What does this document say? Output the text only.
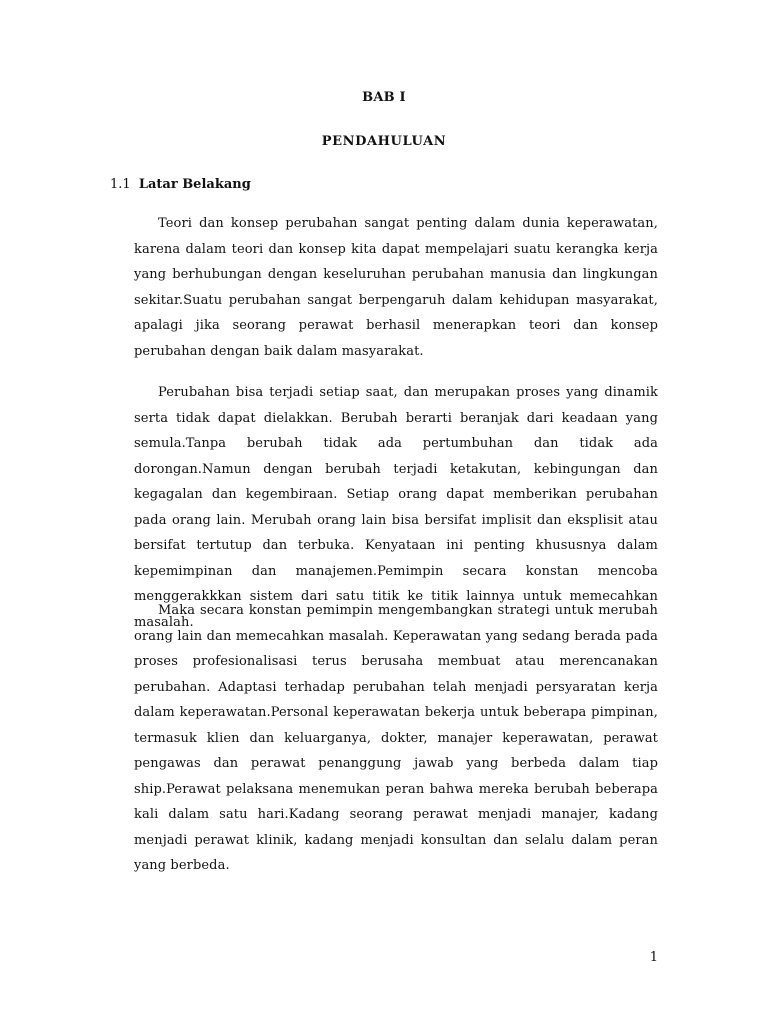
BAB I
PENDAHULUAN
1.1 Latar Belakang

Teori dan konsep perubahan sangat penting dalam dunia keperawatan, karena dalam teori dan konsep kita dapat mempelajari suatu kerangka kerja yang berhubungan dengan keseluruhan perubahan manusia dan lingkungan sekitar.Suatu perubahan sangat berpengaruh dalam kehidupan masyarakat, apalagi jika seorang perawat berhasil menerapkan teori dan konsep perubahan dengan baik dalam masyarakat.

Perubahan bisa terjadi setiap saat, dan merupakan proses yang dinamik serta tidak dapat dielakkan. Berubah berarti beranjak dari keadaan yang semula.Tanpa berubah tidak ada pertumbuhan dan tidak ada dorongan.Namun dengan berubah terjadi ketakutan, kebingungan dan kegagalan dan kegembiraan. Setiap orang dapat memberikan perubahan pada orang lain. Merubah orang lain bisa bersifat implisit dan eksplisit atau bersifat tertutup dan terbuka. Kenyataan ini penting khususnya dalam kepemimpinan dan manajemen.Pemimpin secara konstan mencoba menggerakkkan sistem dari satu titik ke titik lainnya untuk memecahkan masalah.

Maka secara konstan pemimpin mengembangkan strategi untuk merubah orang lain dan memecahkan masalah. Keperawatan yang sedang berada pada proses profesionalisasi terus berusaha membuat atau merencanakan perubahan. Adaptasi terhadap perubahan telah menjadi persyaratan kerja dalam keperawatan.Personal keperawatan bekerja untuk beberapa pimpinan, termasuk klien dan keluarganya, dokter, manajer keperawatan, perawat pengawas dan perawat penanggung jawab yang berbeda dalam tiap ship.Perawat pelaksana menemukan peran bahwa mereka berubah beberapa kali dalam satu hari.Kadang seorang perawat menjadi manajer, kadang menjadi perawat klinik, kadang menjadi konsultan dan selalu dalam peran yang berbeda.

1
